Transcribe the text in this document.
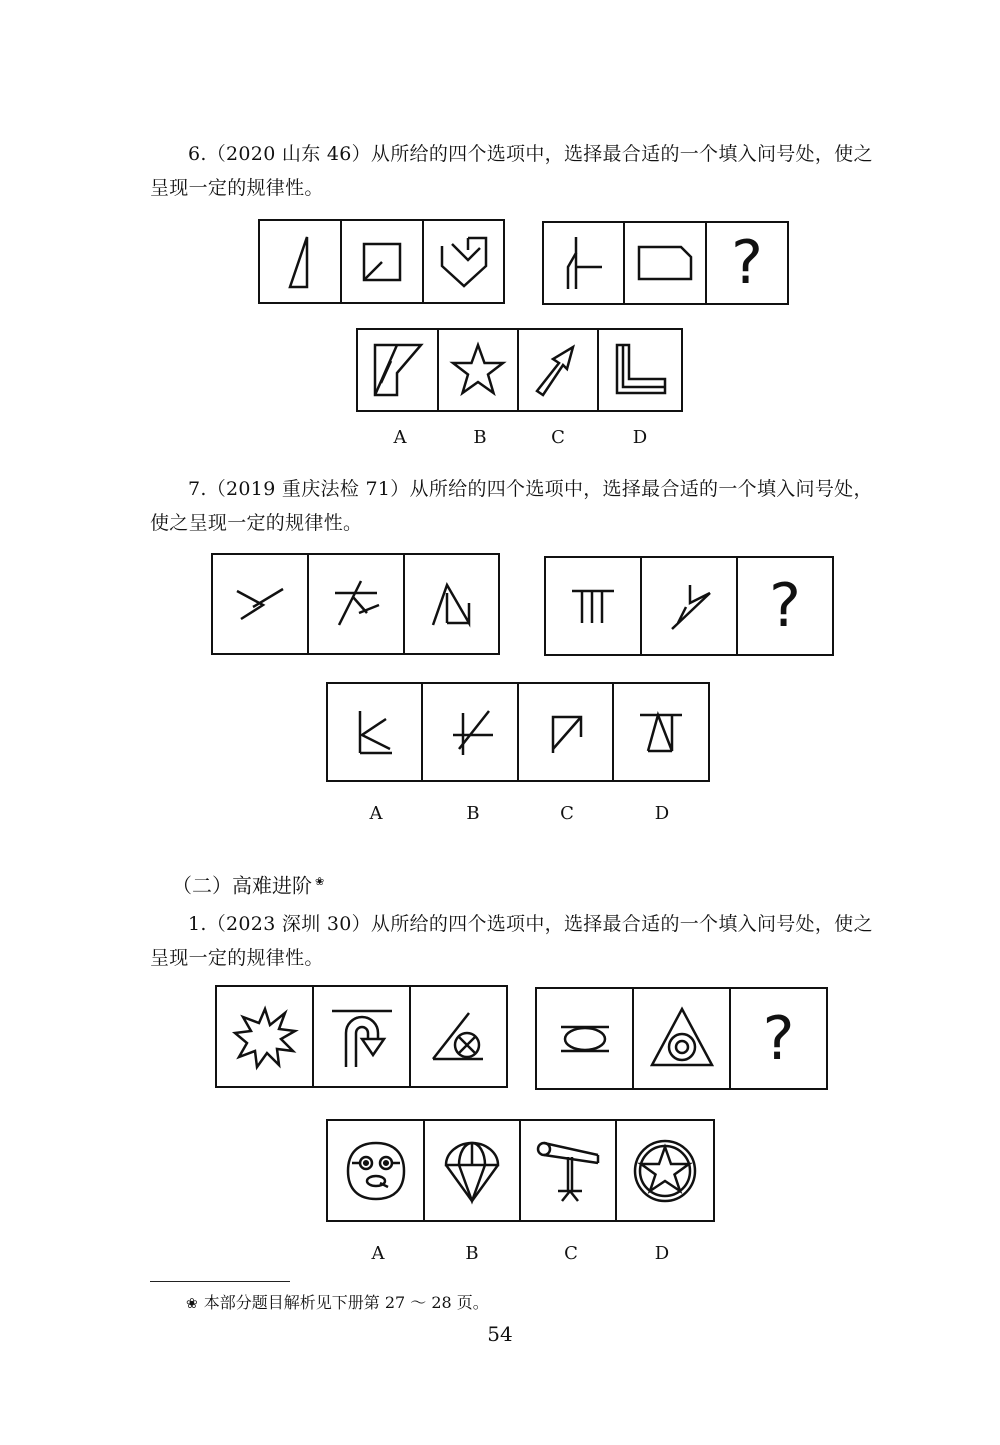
6.（2020 山东 46）从所给的四个选项中，选择最合适的一个填入问号处，使之
呈现一定的规律性。
?
A	B	C	D
7.（2019 重庆法检 71）从所给的四个选项中，选择最合适的一个填入问号处，
使之呈现一定的规律性。
?
A	B	C	D
（二）高难进阶 ❀
1.（2023 深圳 30）从所给的四个选项中，选择最合适的一个填入问号处，使之
呈现一定的规律性。
?
A	B	C	D
❀ 本部分题目解析见下册第 27 ～ 28 页。
54
